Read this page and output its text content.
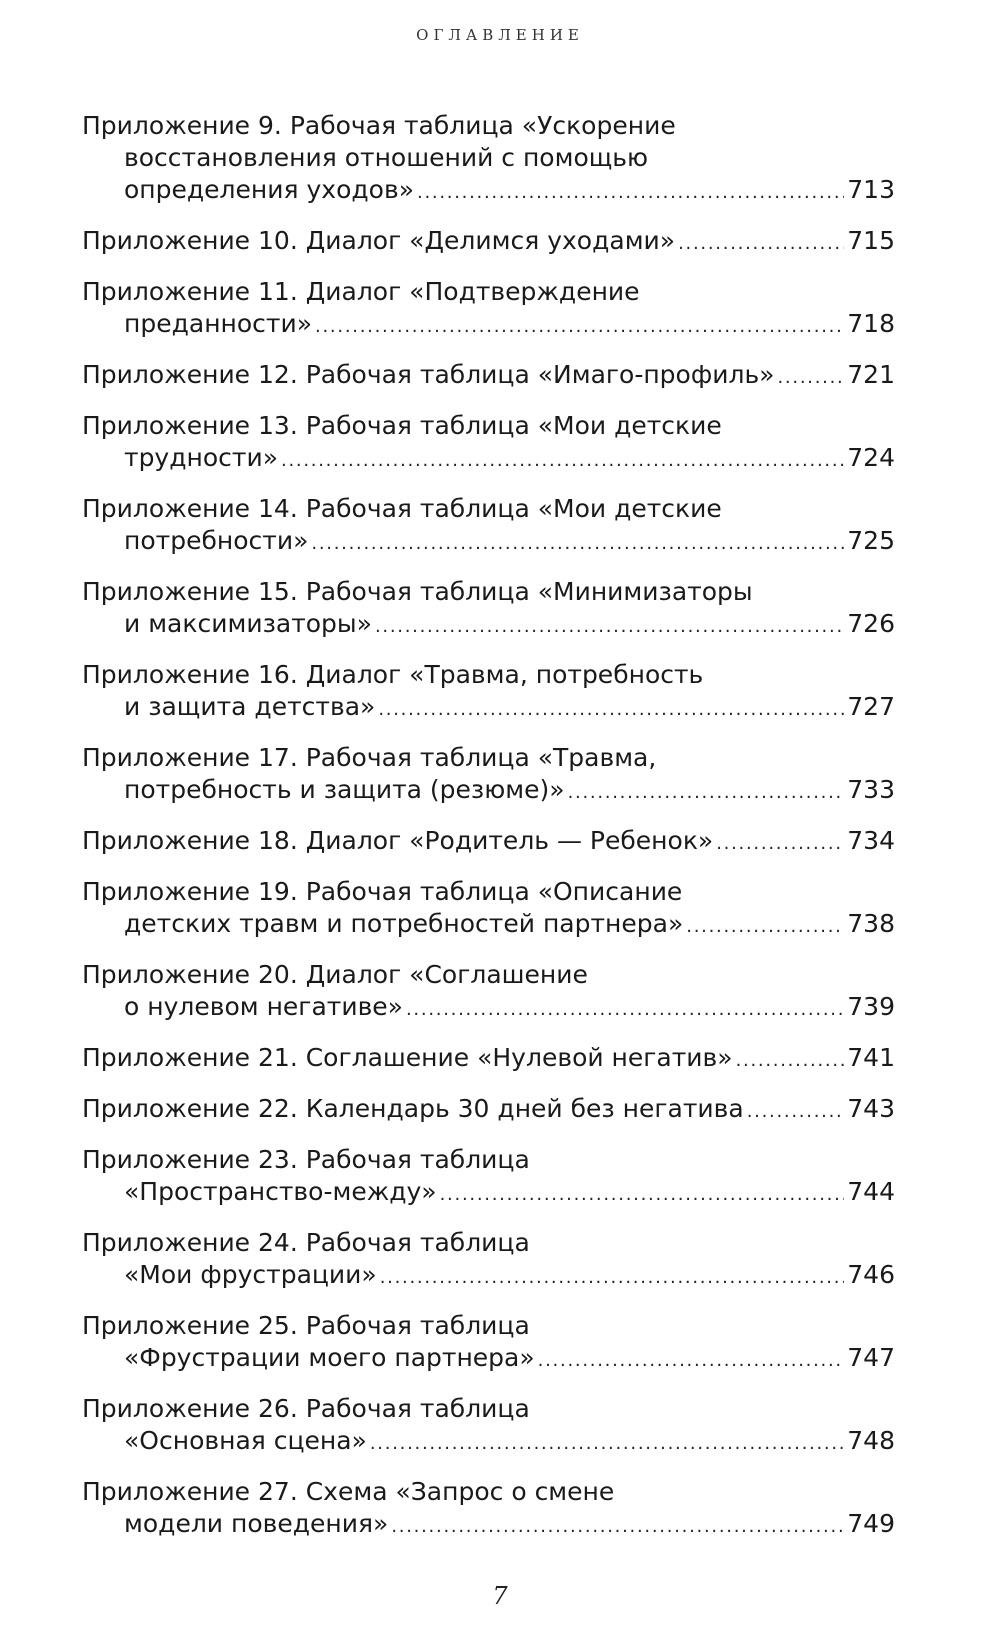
ОГЛАВЛЕНИЕ
Приложение 9. Рабочая таблица «Ускорение
восстановления отношений с помощью
определения уходов» . . .	713
Приложение 10. Диалог «Делимся уходами» . . .	715
Приложение 11. Диалог «Подтверждение
преданности» . . .	718
Приложение 12. Рабочая таблица «Имаго-профиль» . . .	721
Приложение 13. Рабочая таблица «Мои детские
трудности» . . .	724
Приложение 14. Рабочая таблица «Мои детские
потребности» . . .	725
Приложение 15. Рабочая таблица «Минимизаторы
и максимизаторы» . . .	726
Приложение 16. Диалог «Травма, потребность
и защита детства» . . .	727
Приложение 17. Рабочая таблица «Травма,
потребность и защита (резюме)» . . .	733
Приложение 18. Диалог «Родитель — Ребенок» . . .	734
Приложение 19. Рабочая таблица «Описание
детских травм и потребностей партнера» . . .	738
Приложение 20. Диалог «Соглашение
о нулевом негативе» . . .	739
Приложение 21. Соглашение «Нулевой негатив» . . .	741
Приложение 22. Календарь 30 дней без негатива . . .	743
Приложение 23. Рабочая таблица
«Пространство-между» . . .	744
Приложение 24. Рабочая таблица
«Мои фрустрации» . . .	746
Приложение 25. Рабочая таблица
«Фрустрации моего партнера» . . .	747
Приложение 26. Рабочая таблица
«Основная сцена» . . .	748
Приложение 27. Схема «Запрос о смене
модели поведения» . . .	749
7
